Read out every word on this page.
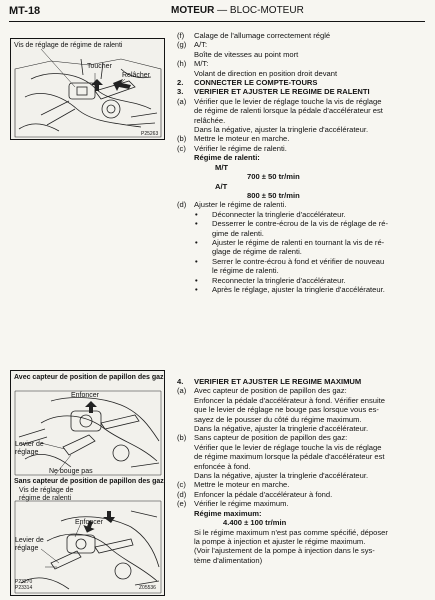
MT-18	MOTEUR — BLOC-MOTEUR
Vis de réglage de régime de ralenti
Toucher
Relâcher
P25263
Avec capteur de position de papillon des gaz
Enfoncer
Levier de
réglage
Ne bouge pas
Sans capteur de position de papillon des gaz
Vis de réglage de
régime de ralenti
Enfoncer
Levier de
réglage
P23270
P23314	Z05536
(f) Calage de l'allumage correctement réglé
(g) A/T:
Boîte de vitesses au point mort
(h) M/T:
Volant de direction en position droit devant
2. CONNECTER LE COMPTE-TOURS
3. VERIFIER ET AJUSTER LE REGIME DE RALENTI
(a) Vérifier que le levier de réglage touche la vis de réglage
de régime de ralenti lorsque la pédale d'accélérateur est
relâchée.
Dans la négative, ajuster la tringlerie d'accélérateur.
(b) Mettre le moteur en marche.
(c) Vérifier le régime de ralenti.
Régime de ralenti:
M/T
700 ± 50 tr/min
A/T
800 ± 50 tr/min
(d) Ajuster le régime de ralenti.
• Déconnecter la tringlerie d'accélérateur.
• Desserrer le contre-écrou de la vis de réglage de ré-
gime de ralenti.
• Ajuster le régime de ralenti en tournant la vis de ré-
glage de régime de ralenti.
• Serrer le contre-écrou à fond et vérifier de nouveau
le régime de ralenti.
• Reconnecter la tringlerie d'accélérateur.
• Après le réglage, ajuster la tringlerie d'accélérateur.
4. VERIFIER ET AJUSTER LE REGIME MAXIMUM
(a) Avec capteur de position de papillon des gaz:
Enfoncer la pédale d'accélérateur à fond. Vérifier ensuite
que le levier de réglage ne bouge pas lorsque vous es-
sayez de le pousser du côté du régime maximum.
Dans la négative, ajuster la tringlerie d'accélérateur.
(b) Sans capteur de position de papillon des gaz:
Vérifier que le levier de réglage touche la vis de réglage
de régime maximum lorsque la pédale d'accélérateur est
enfoncée à fond.
Dans la négative, ajuster la tringlerie d'accélérateur.
(c) Mettre le moteur en marche.
(d) Enfoncer la pédale d'accélérateur à fond.
(e) Vérifier le régime maximum.
Régime maximum:
4.400 ± 100 tr/min
Si le régime maximum n'est pas comme spécifié, déposer
la pompe à injection et ajuster le régime maximum.
(Voir l'ajustement de la pompe à injection dans le sys-
tème d'alimentation)
